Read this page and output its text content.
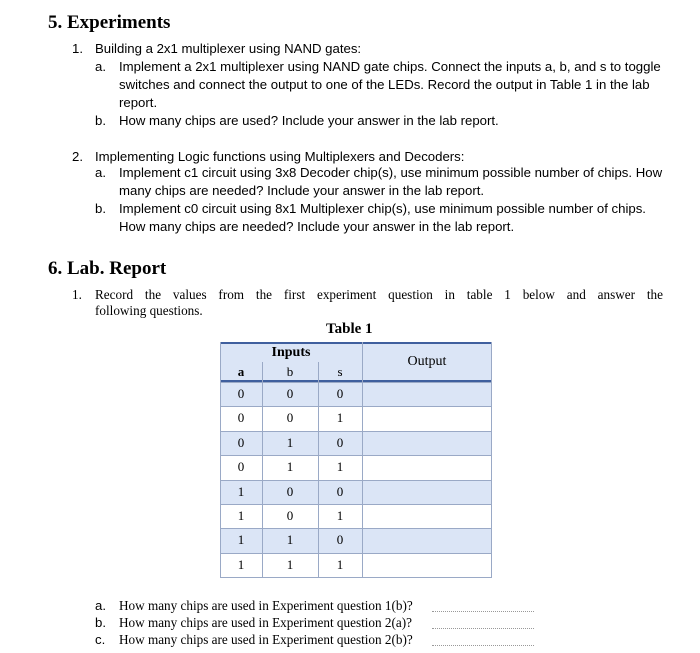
5. Experiments
1. Building a 2x1 multiplexer using NAND gates:
a. Implement a 2x1 multiplexer using NAND gate chips. Connect the inputs a, b, and s to toggle
switches and connect the output to one of the LEDs. Record the output in Table 1 in the lab
report.
b. How many chips are used? Include your answer in the lab report.
2. Implementing Logic functions using Multiplexers and Decoders:
a. Implement c1 circuit using 3x8 Decoder chip(s), use minimum possible number of chips. How
many chips are needed? Include your answer in the lab report.
b. Implement c0 circuit using 8x1 Multiplexer chip(s), use minimum possible number of chips.
How many chips are needed? Include your answer in the lab report.
6. Lab. Report
1. Record the values from the first experiment question in table 1 below and answer the
following questions.
Table 1
Inputs
Output
a	b	s
0	0	0
0	0	1
0	1	0
0	1	1
1	0	0
1	0	1
1	1	0
1	1	1
a. How many chips are used in Experiment question 1(b)?
b. How many chips are used in Experiment question 2(a)?
c. How many chips are used in Experiment question 2(b)?
